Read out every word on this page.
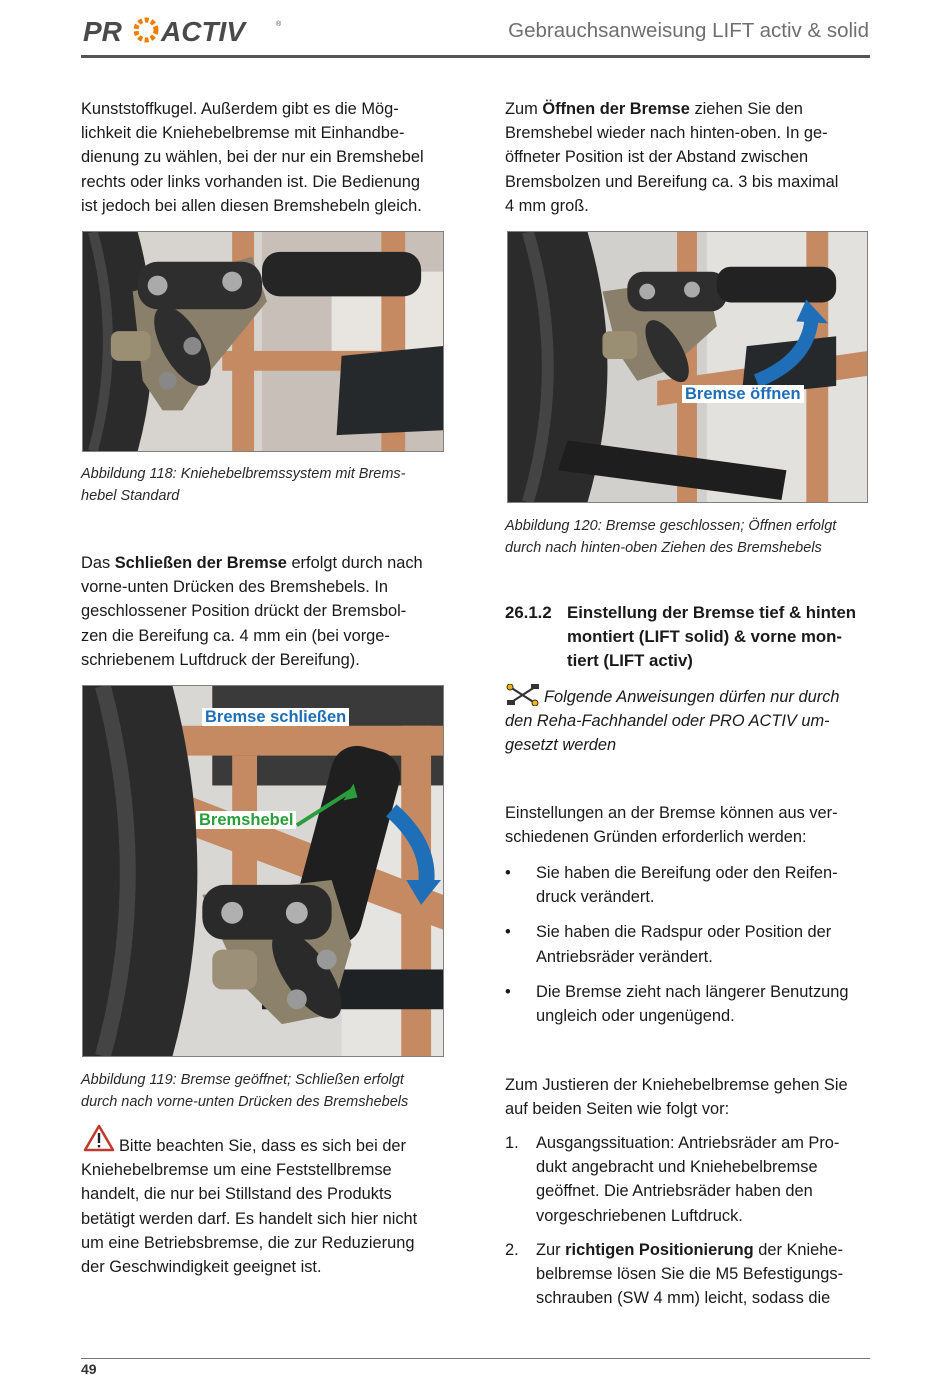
PR ACTIV	®	Gebrauchsanweisung LIFT activ & solid
Kunststoffkugel. Außerdem gibt es die Mög-
lichkeit die Kniehebelbremse mit Einhandbe-
dienung zu wählen, bei der nur ein Bremshebel
rechts oder links vorhanden ist. Die Bedienung
ist jedoch bei allen diesen Bremshebeln gleich.
Abbildung 118: Kniehebelbremssystem mit Brems-
hebel Standard
Das Schließen der Bremse erfolgt durch nach
vorne-unten Drücken des Bremshebels. In
geschlossener Position drückt der Bremsbol-
zen die Bereifung ca. 4 mm ein (bei vorge-
schriebenem Luftdruck der Bereifung).
Bremse schließen
Bremshebel
Abbildung 119: Bremse geöffnet; Schließen erfolgt
durch nach vorne-unten Drücken des Bremshebels
Bitte beachten Sie, dass es sich bei der
Kniehebelbremse um eine Feststellbremse
handelt, die nur bei Stillstand des Produkts
betätigt werden darf. Es handelt sich hier nicht
um eine Betriebsbremse, die zur Reduzierung
der Geschwindigkeit geeignet ist.
Zum Öffnen der Bremse ziehen Sie den
Bremshebel wieder nach hinten-oben. In ge-
öffneter Position ist der Abstand zwischen
Bremsbolzen und Bereifung ca. 3 bis maximal
4 mm groß.
Bremse öffnen
Abbildung 120: Bremse geschlossen; Öffnen erfolgt
durch nach hinten-oben Ziehen des Bremshebels
26.1.2 Einstellung der Bremse tief & hinten
montiert (LIFT solid) & vorne mon-
tiert (LIFT activ)
Folgende Anweisungen dürfen nur durch
den Reha-Fachhandel oder PRO ACTIV um-
gesetzt werden
Einstellungen an der Bremse können aus ver-
schiedenen Gründen erforderlich werden:
• Sie haben die Bereifung oder den Reifen-
druck verändert.
• Sie haben die Radspur oder Position der
Antriebsräder verändert.
• Die Bremse zieht nach längerer Benutzung
ungleich oder ungenügend.
Zum Justieren der Kniehebelbremse gehen Sie
auf beiden Seiten wie folgt vor:
1. Ausgangssituation: Antriebsräder am Pro-
dukt angebracht und Kniehebelbremse
geöffnet. Die Antriebsräder haben den
vorgeschriebenen Luftdruck.
2. Zur richtigen Positionierung der Kniehe-
belbremse lösen Sie die M5 Befestigungs-
schrauben (SW 4 mm) leicht, sodass die
49
